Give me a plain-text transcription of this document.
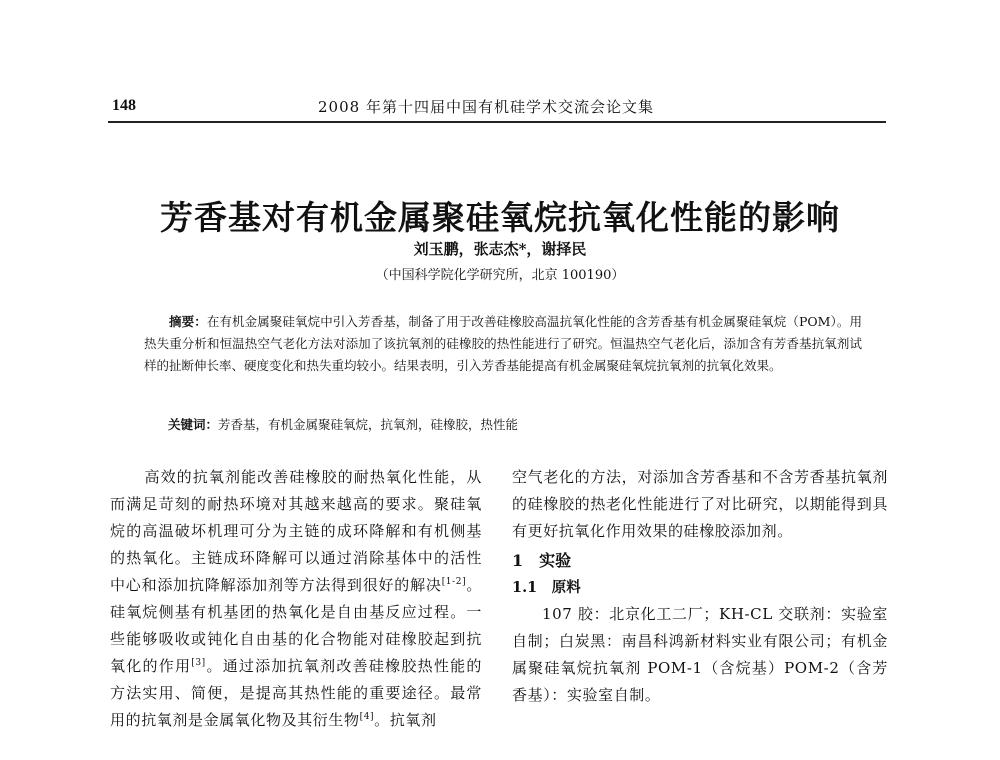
148	2008 年第十四届中国有机硅学术交流会论文集
芳香基对有机金属聚硅氧烷抗氧化性能的影响
刘玉鹏，张志杰*，谢择民
（中国科学院化学研究所，北京 100190）

摘要：在有机金属聚硅氧烷中引入芳香基，制备了用于改善硅橡胶高温抗氧化性能的含芳香基有机金属聚硅氧烷（POM）。用热失重分析和恒温热空气老化方法对添加了该抗氧剂的硅橡胶的热性能进行了研究。恒温热空气老化后，添加含有芳香基抗氧剂试样的扯断伸长率、硬度变化和热失重均较小。结果表明，引入芳香基能提高有机金属聚硅氧烷抗氧剂的抗氧化效果。

关键词：芳香基，有机金属聚硅氧烷，抗氧剂，硅橡胶，热性能

高效的抗氧剂能改善硅橡胶的耐热氧化性能，从而满足苛刻的耐热环境对其越来越高的要求。聚硅氧烷的高温破坏机理可分为主链的成环降解和有机侧基的热氧化。主链成环降解可以通过消除基体中的活性中心和添加抗降解添加剂等方法得到很好的解决[1-2]。硅氧烷侧基有机基团的热氧化是自由基反应过程。一些能够吸收或钝化自由基的化合物能对硅橡胶起到抗氧化的作用[3]。通过添加抗氧剂改善硅橡胶热性能的方法实用、简便，是提高其热性能的重要途径。最常用的抗氧剂是金属氧化物及其衍生物[4]。抗氧剂

空气老化的方法，对添加含芳香基和不含芳香基抗氧剂的硅橡胶的热老化性能进行了对比研究，以期能得到具有更好抗氧化作用效果的硅橡胶添加剂。

1　实验
1.1　原料

107 胶：北京化工二厂；KH-CL 交联剂：实验室自制；白炭黑：南昌科鸿新材料实业有限公司；有机金属聚硅氧烷抗氧剂 POM-1（含烷基）POM-2（含芳香基）：实验室自制。
